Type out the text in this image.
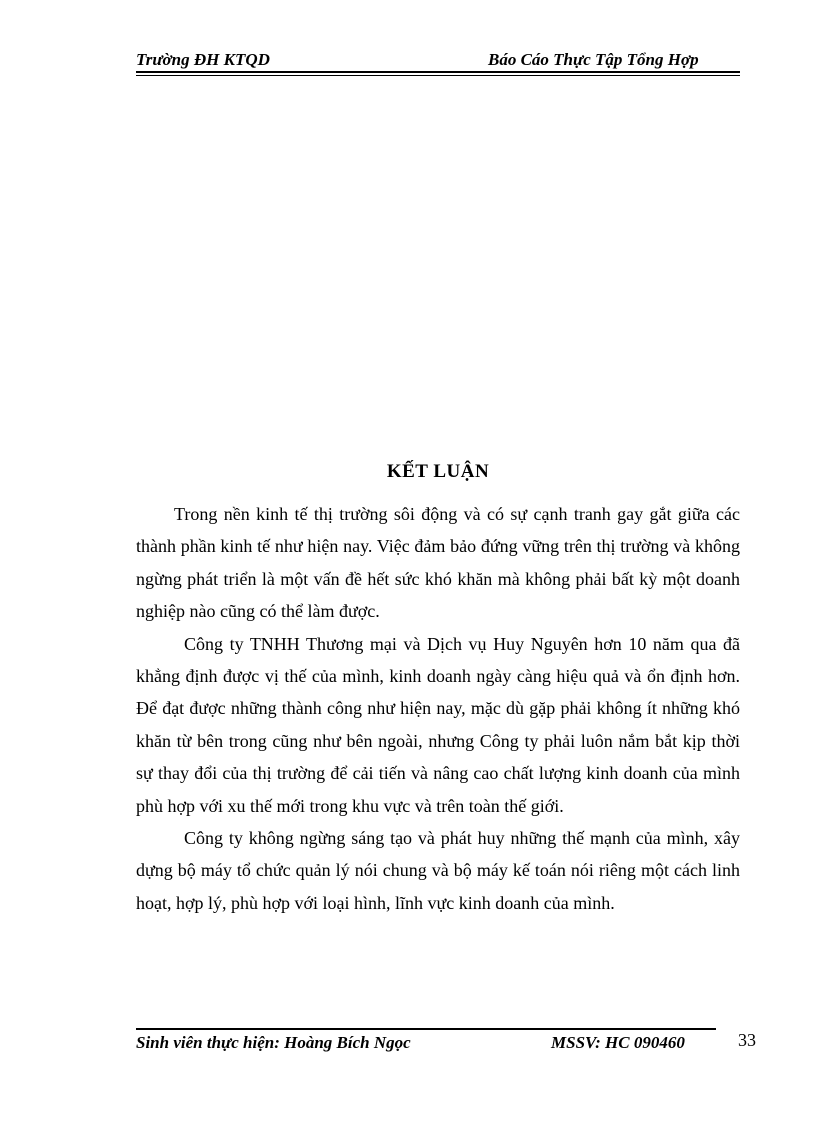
Trường ĐH KTQD	Báo Cáo Thực Tập Tổng Hợp
KẾT LUẬN

Trong nền kinh tế thị trường sôi động và có sự cạnh tranh gay gắt giữa các thành phần kinh tế như hiện nay. Việc đảm bảo đứng vững trên thị trường và không ngừng phát triển là một vấn đề hết sức khó khăn mà không phải bất kỳ một doanh nghiệp nào cũng có thể làm được.

Công ty TNHH Thương mại và Dịch vụ Huy Nguyên hơn 10 năm qua đã khẳng định được vị thế của mình, kinh doanh ngày càng hiệu quả và ổn định hơn. Để đạt được những thành công như hiện nay, mặc dù gặp phải không ít những khó khăn từ bên trong cũng như bên ngoài, nhưng Công ty phải luôn nắm bắt kịp thời sự thay đổi của thị trường để cải tiến và nâng cao chất lượng kinh doanh của mình phù hợp với xu thế mới trong khu vực và trên toàn thế giới.

Công ty không ngừng sáng tạo và phát huy những thế mạnh của mình, xây dựng bộ máy tổ chức quản lý nói chung và bộ máy kế toán nói riêng một cách linh hoạt, hợp lý, phù hợp với loại hình, lĩnh vực kinh doanh của mình.

Sinh viên thực hiện: Hoàng Bích Ngọc	MSSV: HC 090460	33
